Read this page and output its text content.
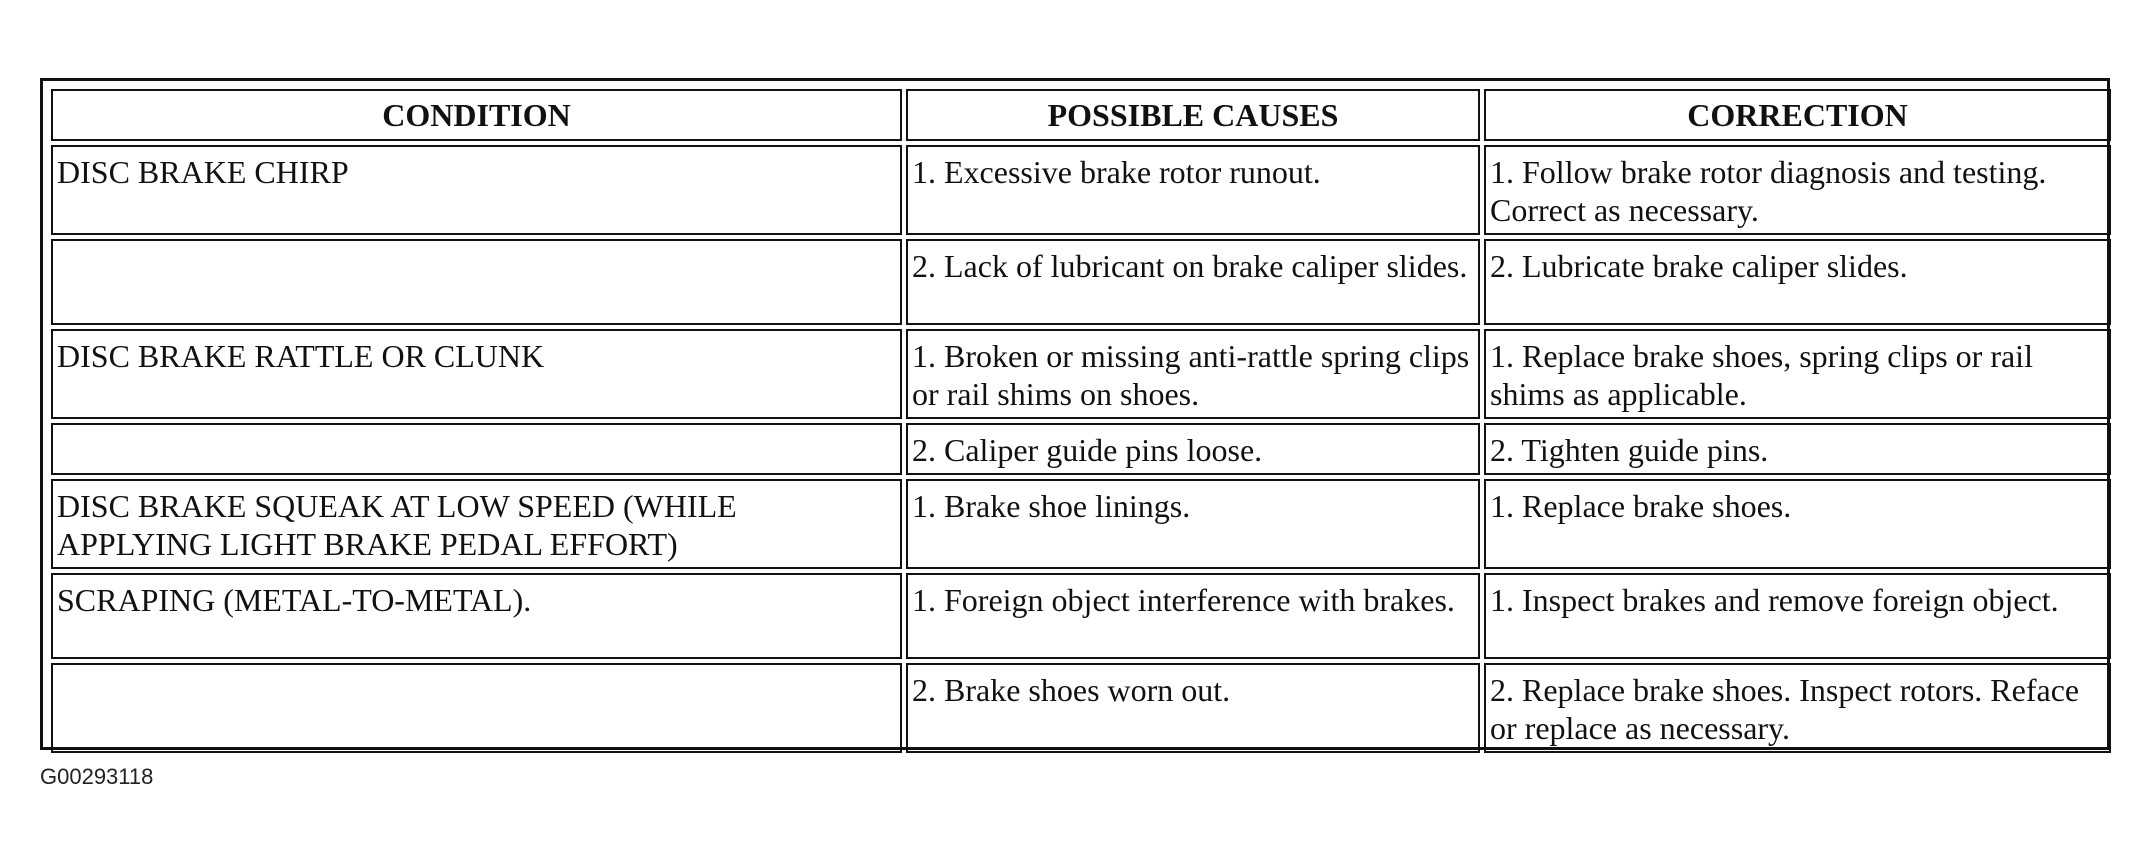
CONDITION	POSSIBLE CAUSES	CORRECTION
DISC BRAKE CHIRP	1. Excessive brake rotor runout.	1. Follow brake rotor diagnosis and testing. Correct as necessary.
	2. Lack of lubricant on brake caliper slides.	2. Lubricate brake caliper slides.
DISC BRAKE RATTLE OR CLUNK	1. Broken or missing anti-rattle spring clips or rail shims on shoes.	1. Replace brake shoes, spring clips or rail shims as applicable.
	2. Caliper guide pins loose.	2. Tighten guide pins.
DISC BRAKE SQUEAK AT LOW SPEED (WHILE APPLYING LIGHT BRAKE PEDAL EFFORT)	1. Brake shoe linings.	1. Replace brake shoes.
SCRAPING (METAL-TO-METAL).	1. Foreign object interference with brakes.	1. Inspect brakes and remove foreign object.
	2. Brake shoes worn out.	2. Replace brake shoes. Inspect rotors. Reface or replace as necessary.
G00293118
